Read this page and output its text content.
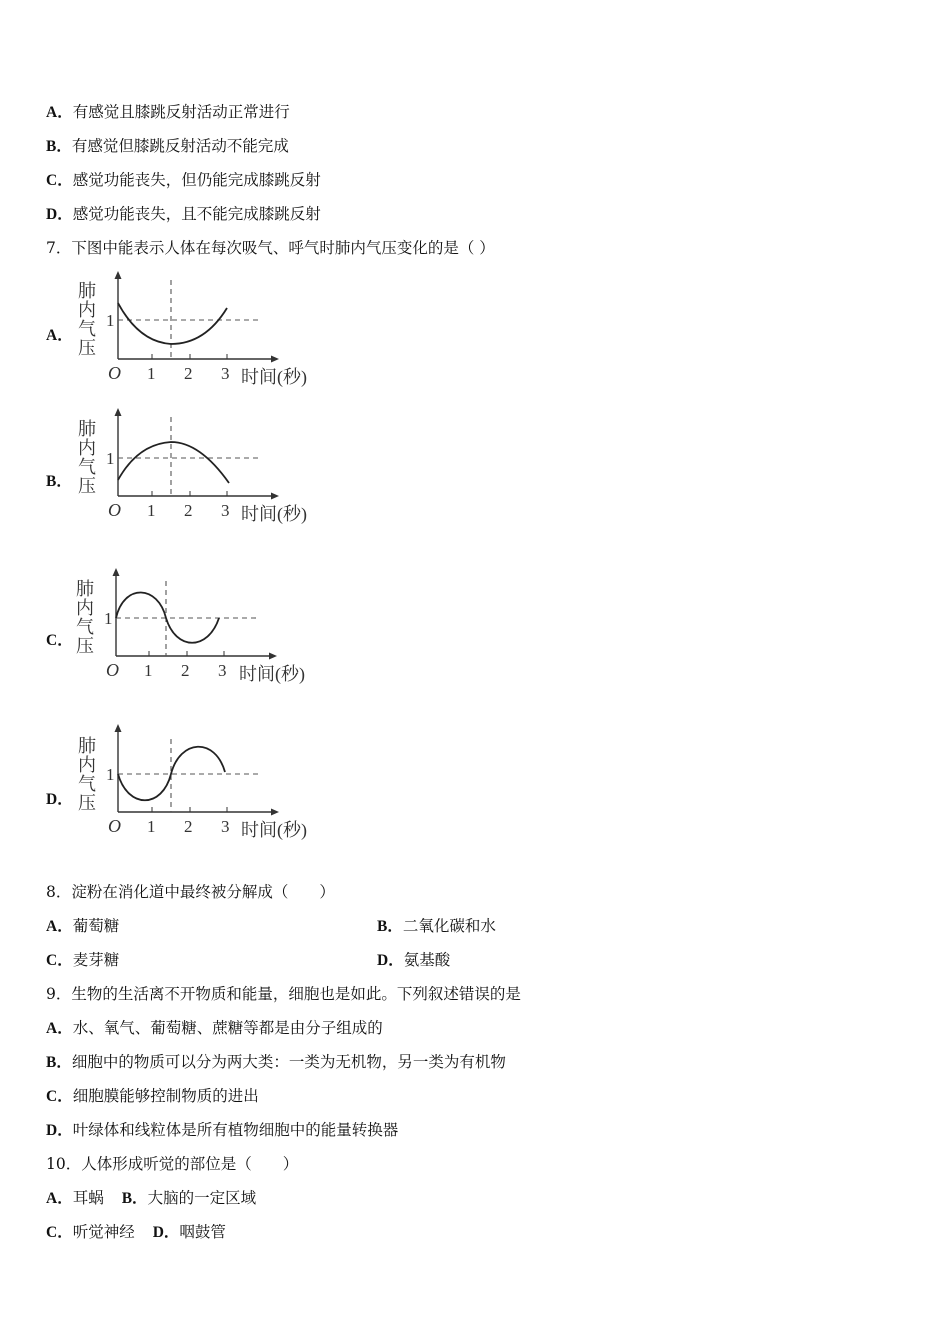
A．有感觉且膝跳反射活动正常进行
B．有感觉但膝跳反射活动不能完成
C．感觉功能丧失，但仍能完成膝跳反射
D．感觉功能丧失，且不能完成膝跳反射
7．下图中能表示人体在每次吸气、呼气时肺内气压变化的是（ ）
A．
B．
C．
D．
肺
内
气
压
1
O 1 2 3 时间(秒)
肺
内
气
压
1
O 1 2 3 时间(秒)
肺
内
气
压
1
O 1 2 3 时间(秒)
肺
内
气
压
1
O 1 2 3 时间(秒)
8．淀粉在消化道中最终被分解成（　　）
A．葡萄糖	B．二氧化碳和水
C．麦芽糖	D．氨基酸
9．生物的生活离不开物质和能量，细胞也是如此。下列叙述错误的是
A．水、氧气、葡萄糖、蔗糖等都是由分子组成的
B．细胞中的物质可以分为两大类：一类为无机物，另一类为有机物
C．细胞膜能够控制物质的进出
D．叶绿体和线粒体是所有植物细胞中的能量转换器
10．人体形成听觉的部位是（　　）
A．耳蜗 B．大脑的一定区域
C．听觉神经 D．咽鼓管
